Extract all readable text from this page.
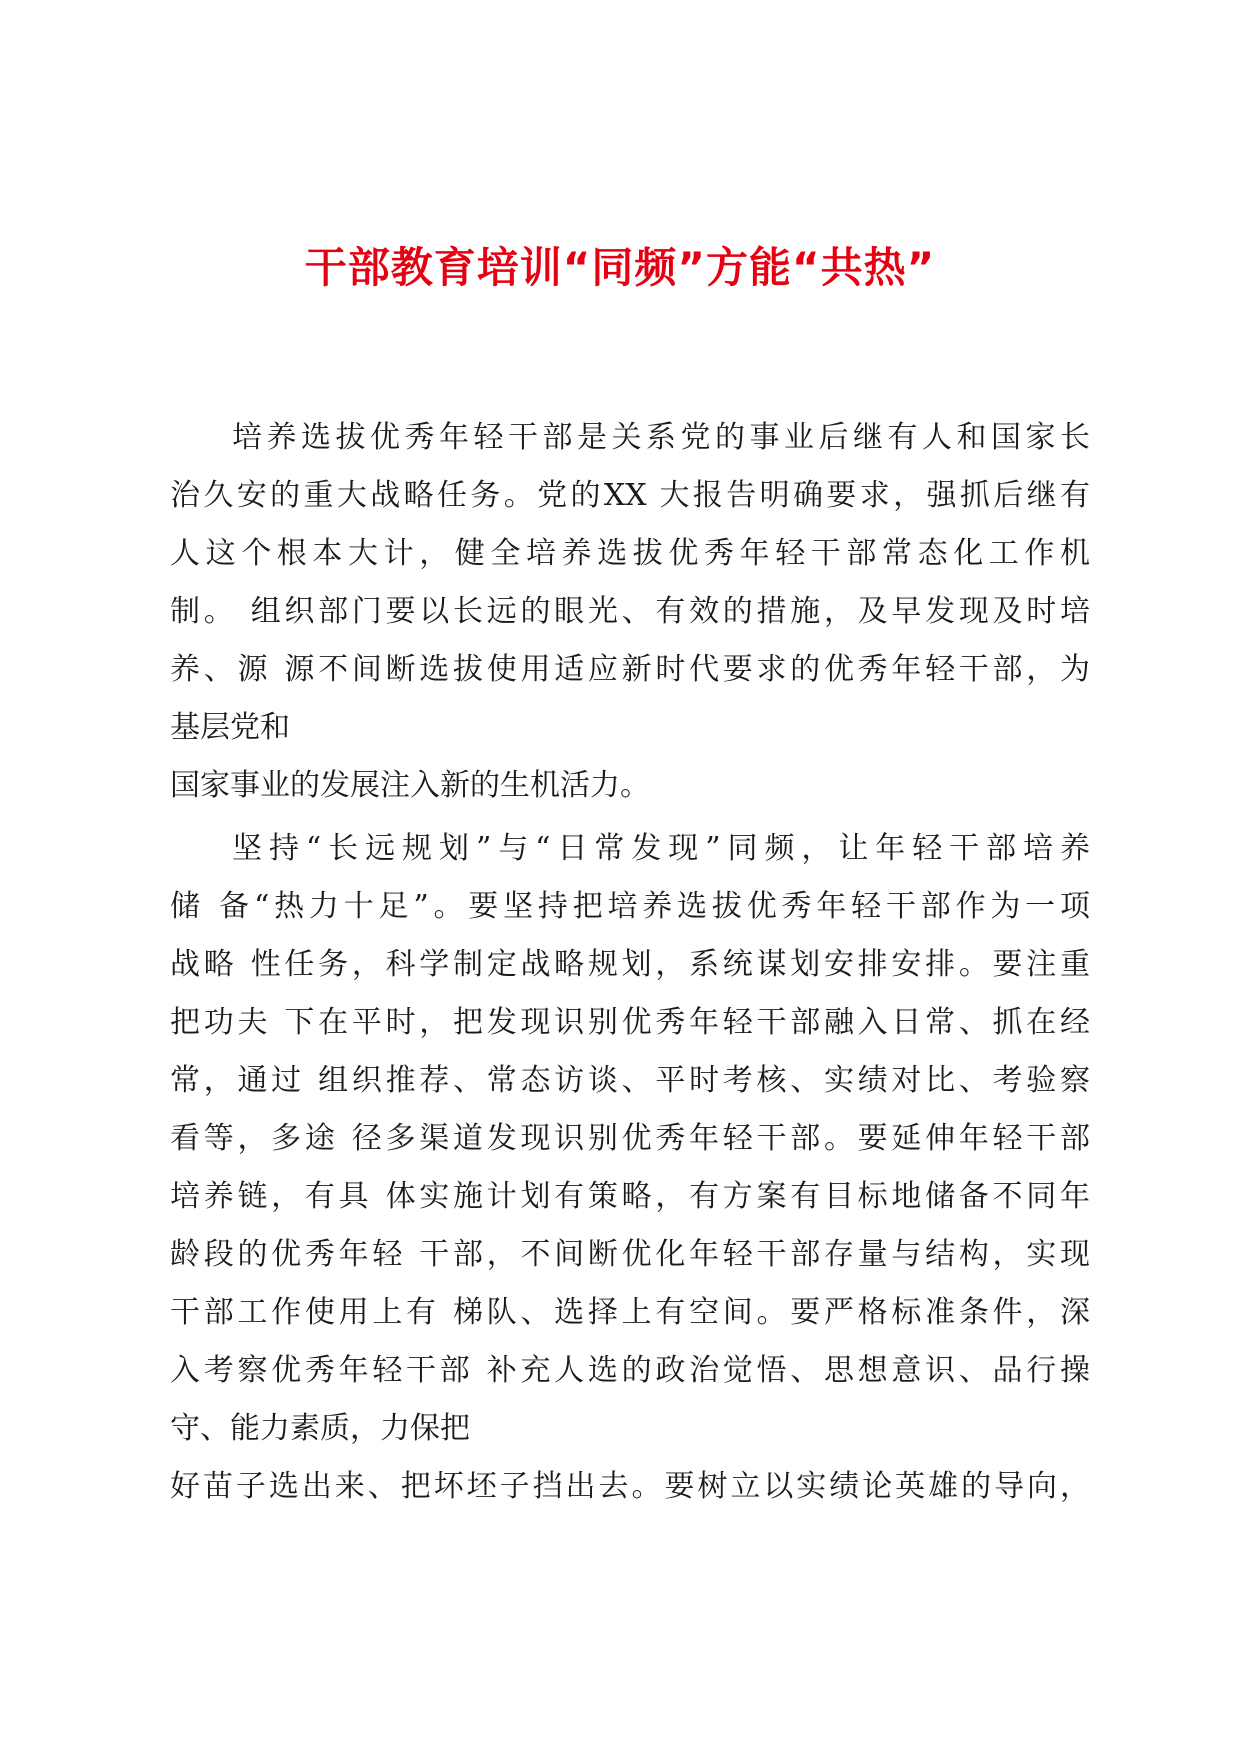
干部教育培训“同频”方能“共热”
培养选拔优秀年轻干部是关系党的事业后继有人和国家长
治久安的重大战略任务。党的XX 大报告明确要求，强抓后继有
人这个根本大计，健全培养选拔优秀年轻干部常态化工作机
制。 组织部门要以长远的眼光、有效的措施，及早发现及时培
养、源 源不间断选拔使用适应新时代要求的优秀年轻干部，为
基层党和
国家事业的发展注入新的生机活力。
坚持“长远规划”与“日常发现”同频，让年轻干部培养
储 备“热力十足”。要坚持把培养选拔优秀年轻干部作为一项
战略 性任务，科学制定战略规划，系统谋划安排安排。要注重
把功夫 下在平时，把发现识别优秀年轻干部融入日常、抓在经
常，通过 组织推荐、常态访谈、平时考核、实绩对比、考验察
看等，多途 径多渠道发现识别优秀年轻干部。要延伸年轻干部
培养链，有具 体实施计划有策略，有方案有目标地储备不同年
龄段的优秀年轻 干部，不间断优化年轻干部存量与结构，实现
干部工作使用上有 梯队、选择上有空间。要严格标准条件，深
入考察优秀年轻干部 补充人选的政治觉悟、思想意识、品行操
守、能力素质，力保把
好苗子选出来、把坏坯子挡出去。要树立以实绩论英雄的导向，
